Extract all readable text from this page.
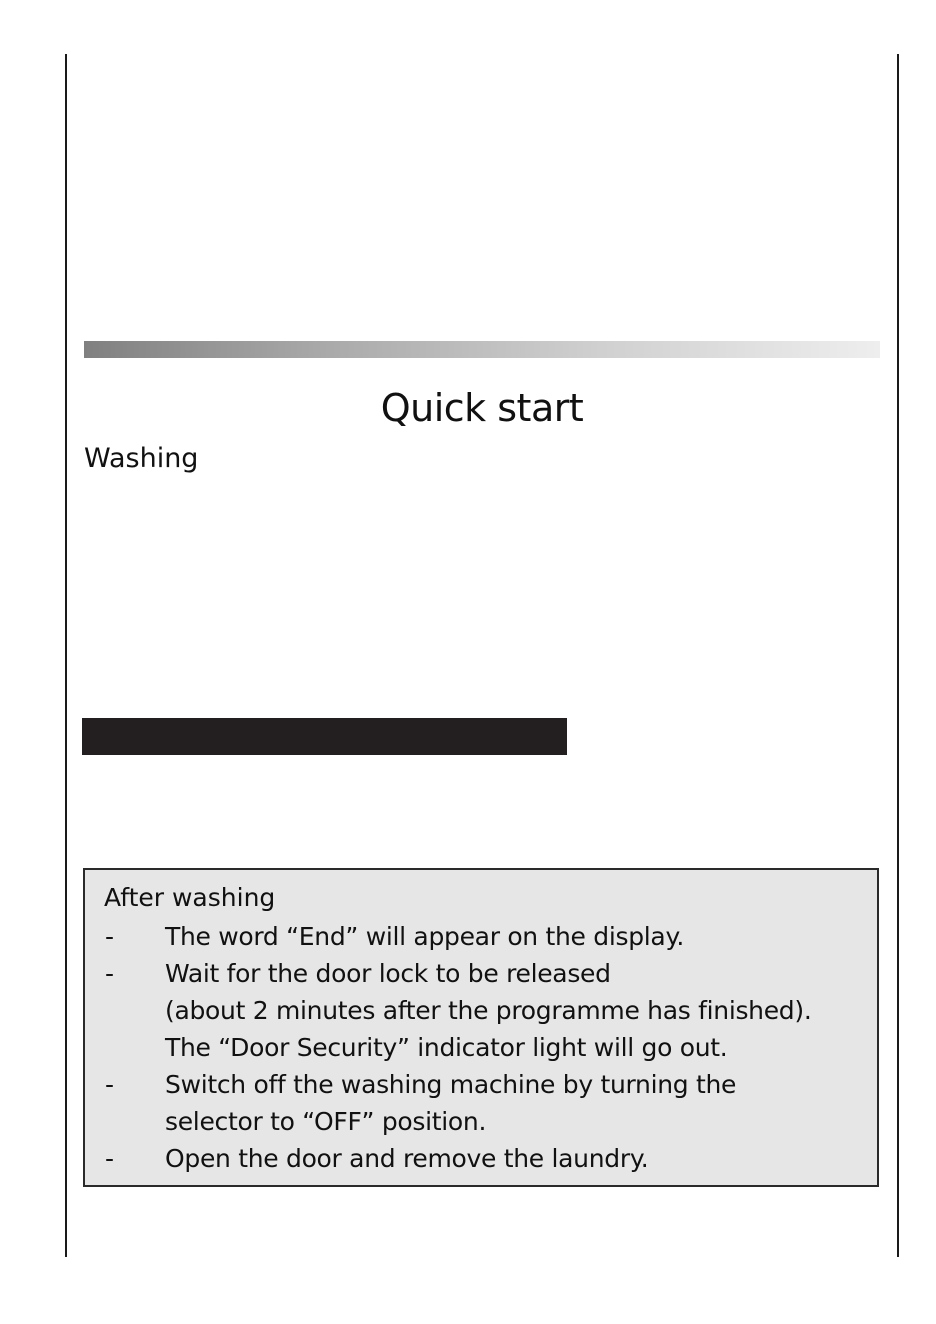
Quick start
Washing
After washing
- The word “End” will appear on the display.
- Wait for the door lock to be released
(about 2 minutes after the programme has finished).
The “Door Security” indicator light will go out.
- Switch off the washing machine by turning the
selector to “OFF” position.
- Open the door and remove the laundry.
